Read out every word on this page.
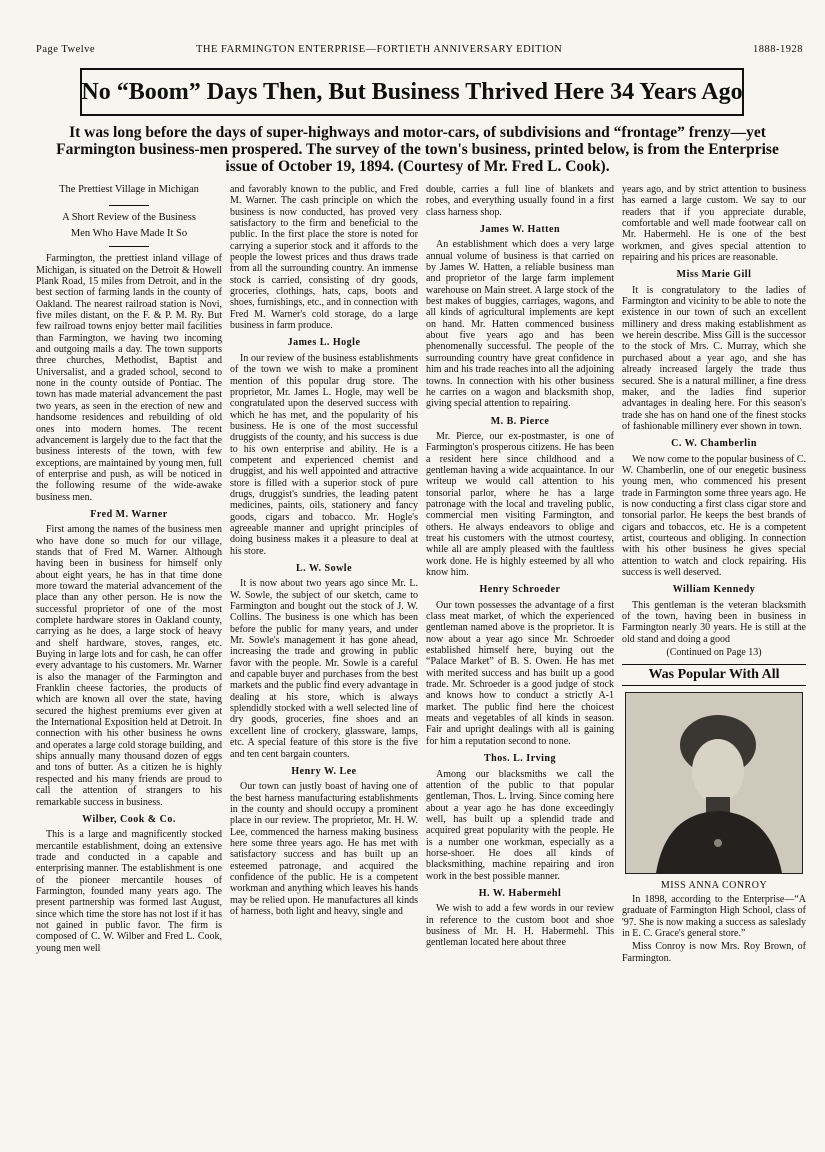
Page Twelve	THE FARMINGTON ENTERPRISE—FORTIETH ANNIVERSARY EDITION	1888-1928
No “Boom” Days Then, But Business Thrived Here 34 Years Ago
It was long before the days of super-highways and motor-cars, of subdivisions and “frontage” frenzy—yet Farmington business-men prospered. The survey of the town's business, printed below, is from the Enterprise issue of October 19, 1894. (Courtesy of Mr. Fred L. Cook).
The Prettiest Village in Michigan
A Short Review of the Business
Men Who Have Made It So

Farmington, the prettiest inland village of Michigan, is situated on the Detroit & Howell Plank Road, 15 miles from Detroit, and in the best section of farming lands in the county of Oakland. The nearest railroad station is Novi, five miles distant, on the F. & P. M. Ry. But few railroad towns enjoy better mail facilities than Farmington, we having two incoming and outgoing mails a day. The town supports three churches, Methodist, Baptist and Universalist, and a graded school, second to none in the county outside of Pontiac. The town has made material advancement the past two years, as seen in the erection of new and handsome residences and rebuilding of old ones into modern homes. The recent advancement is largely due to the fact that the business interests of the town, with few exceptions, are maintained by young men, full of enterprise and push, as will be noticed in the following resume of the wide-awake business men.

Fred M. Warner

First among the names of the business men who have done so much for our village, stands that of Fred M. Warner. Although having been in business for himself only about eight years, he has in that time done more toward the material advancement of the place than any other person. He is now the successful proprietor of one of the most complete hardware stores in Oakland county, carrying as he does, a large stock of heavy and shelf hardware, stoves, ranges, etc. Buying in large lots and for cash, he can offer every advantage to his customers. Mr. Warner is also the manager of the Farmington and Franklin cheese factories, the products of which are known all over the state, having secured the highest premiums ever given at the International Exposition held at Detroit. In connection with his other business he owns and operates a large cold storage building, and ships annually many thousand dozen of eggs and tons of butter. As a citizen he is highly respected and his many friends are proud to call the attention of strangers to his remarkable success in business.

Wilber, Cook & Co.

This is a large and magnificently stocked mercantile establishment, doing an extensive trade and conducted in a capable and enterprising manner. The establishment is one of the pioneer mercantile houses of Farmington, founded many years ago. The present partnership was formed last August, since which time the store has not lost if it has not gained in public favor. The firm is composed of C. W. Wilber and Fred L. Cook, young men well

and favorably known to the public, and Fred M. Warner. The cash principle on which the business is now conducted, has proved very satisfactory to the firm and beneficial to the public. In the first place the store is noted for carrying a superior stock and it affords to the people the lowest prices and thus draws trade from all the surrounding country. An immense stock is carried, consisting of dry goods, groceries, clothings, hats, caps, boots and shoes, furnishings, etc., and in connection with Fred M. Warner's cold storage, do a large business in farm produce.

James L. Hogle

In our review of the business establishments of the town we wish to make a prominent mention of this popular drug store. The proprietor, Mr. James L. Hogle, may well be congratulated upon the deserved success with which he has met, and the popularity of his business. He is one of the most successful druggists of the county, and his success is due to his own enterprise and ability. He is a competent and experienced chemist and druggist, and his well appointed and attractive store is filled with a superior stock of pure drugs, druggist's sundries, the leading patent medicines, paints, oils, stationery and fancy goods, cigars and tobacco. Mr. Hogle's agreeable manner and upright principles of doing business makes it a pleasure to deal at his store.

L. W. Sowle

It is now about two years ago since Mr. L. W. Sowle, the subject of our sketch, came to Farmington and bought out the stock of J. W. Collins. The business is one which has been before the public for many years, and under Mr. Sowle's management it has gone ahead, increasing the trade and growing in public favor with the people. Mr. Sowle is a careful and capable buyer and purchases from the best markets and the public find every advantage in dealing at his store, which is always splendidly stocked with a well selected line of dry goods, groceries, fine shoes and an excellent line of crockery, glassware, lamps, etc. A special feature of this store is the five and ten cent bargain counters.

Henry W. Lee

Our town can justly boast of having one of the best harness manufacturing establishments in the county and should occupy a prominent place in our review. The proprietor, Mr. H. W. Lee, commenced the harness making business here some three years ago. He has met with satisfactory success and has built up an esteemed patronage, and acquired the confidence of the public. He is a competent workman and anything which leaves his hands may be relied upon. He manufactures all kinds of harness, both light and heavy, single and

double, carries a full line of blankets and robes, and everything usually found in a first class harness shop.

James W. Hatten

An establishment which does a very large annual volume of business is that carried on by James W. Hatten, a reliable business man and proprietor of the large farm implement warehouse on Main street. A large stock of the best makes of buggies, carriages, wagons, and all kinds of agricultural implements are kept on hand. Mr. Hatten commenced business about five years ago and has been phenomenally successful. The people of the surrounding country have great confidence in him and his trade reaches into all the adjoining towns. In connection with his other business he carries on a wagon and blacksmith shop, giving special attention to repairing.

M. B. Pierce

Mr. Pierce, our ex-postmaster, is one of Farmington's prosperous citizens. He has been a resident here since childhood and a gentleman having a wide acquaintance. In our writeup we would call attention to his tonsorial parlor, where he has a large patronage with the local and traveling public, commercial men visiting Farmington, and others. He always endeavors to oblige and treat his customers with the utmost courtesy, while all are amply pleased with the faultless work done. He is highly esteemed by all who know him.

Henry Schroeder

Our town possesses the advantage of a first class meat market, of which the experienced gentleman named above is the proprietor. It is now about a year ago since Mr. Schroeder established himself here, buying out the “Palace Market” of B. S. Owen. He has met with merited success and has built up a good trade. Mr. Schroeder is a good judge of stock and knows how to conduct a strictly A-1 market. The public find here the choicest meats and vegetables of all kinds in season. Fair and upright dealings with all is gaining for him a reputation second to none.

Thos. L. Irving

Among our blacksmiths we call the attention of the public to that popular gentleman, Thos. L. Irving. Since coming here about a year ago he has done exceedingly well, has built up a splendid trade and acquired great popularity with the people. He is a number one workman, especially as a horse-shoer. He does all kinds of blacksmithing, machine repairing and iron work in the best possible manner.

H. W. Habermehl

We wish to add a few words in our review in reference to the custom boot and shoe business of Mr. H. H. Habermehl. This gentleman located here about three

years ago, and by strict attention to business has earned a large custom. We say to our readers that if you appreciate durable, comfortable and well made footwear call on Mr. Habermehl. He is one of the best workmen, and gives special attention to repairing and his prices are reasonable.

Miss Marie Gill

It is congratulatory to the ladies of Farmington and vicinity to be able to note the existence in our town of such an excellent millinery and dress making establishment as we herein describe. Miss Gill is the successor to the stock of Mrs. C. Murray, which she purchased about a year ago, and she has already increased largely the trade thus secured. She is a natural milliner, a fine dress maker, and the ladies find superior advantages in dealing here. For this season's trade she has on hand one of the finest stocks of fashionable millinery ever shown in town.

C. W. Chamberlin

We now come to the popular business of C. W. Chamberlin, one of our enegetic business young men, who commenced his present trade in Farmington some three years ago. He is now conducting a first class cigar store and tonsorial parlor. He keeps the best brands of cigars and tobaccos, etc. He is a competent artist, courteous and obliging. In connection with his other business he gives special attention to watch and clock repairing. His success is well deserved.

William Kennedy

This gentleman is the veteran blacksmith of the town, having been in business in Farmington nearly 30 years. He is still at the old stand and doing a good

(Continued on Page 13)
Was Popular With All
MISS ANNA CONROY

In 1898, according to the Enterprise—“A graduate of Farmington High School, class of '97. She is now making a success as saleslady in E. C. Grace's general store.”

Miss Conroy is now Mrs. Roy Brown, of Farmington.
